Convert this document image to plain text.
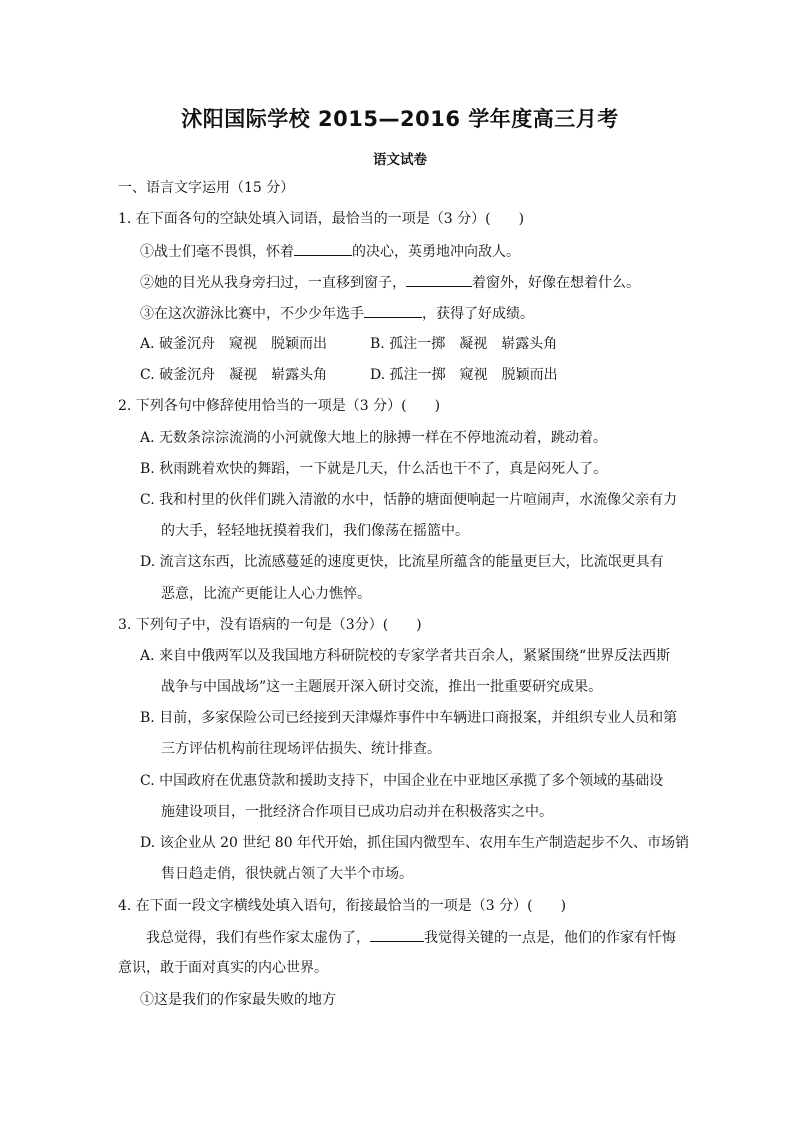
沭阳国际学校 2015—2016 学年度高三月考
语文试卷
一、语言文字运用（15 分）
1. 在下面各句的空缺处填入词语，最恰当的一项是（3 分）(　　)
①战士们毫不畏惧，怀着	的决心，英勇地冲向敌人。
②她的目光从我身旁扫过，一直移到窗子，	着窗外，好像在想着什么。
③在这次游泳比赛中，不少少年选手	，获得了好成绩。
A. 破釜沉舟　窥视　脱颖而出	B. 孤注一掷　凝视　崭露头角
C. 破釜沉舟　凝视　崭露头角	D. 孤注一掷　窥视　脱颖而出
2. 下列各句中修辞使用恰当的一项是（3 分）(　　)
A. 无数条淙淙流淌的小河就像大地上的脉搏一样在不停地流动着，跳动着。
B. 秋雨跳着欢快的舞蹈，一下就是几天，什么活也干不了，真是闷死人了。
C. 我和村里的伙伴们跳入清澈的水中，恬静的塘面便响起一片喧闹声，水流像父亲有力
的大手，轻轻地抚摸着我们，我们像荡在摇篮中。
D. 流言这东西，比流感蔓延的速度更快，比流星所蕴含的能量更巨大，比流氓更具有
恶意，比流产更能让人心力憔悴。
3. 下列句子中，没有语病的一句是（3分）(　　)
A. 来自中俄两军以及我国地方科研院校的专家学者共百余人，紧紧围绕“世界反法西斯
战争与中国战场”这一主题展开深入研讨交流，推出一批重要研究成果。
B. 目前，多家保险公司已经接到天津爆炸事件中车辆进口商报案，并组织专业人员和第
三方评估机构前往现场评估损失、统计排查。
C. 中国政府在优惠贷款和援助支持下，中国企业在中亚地区承揽了多个领域的基础设
施建设项目，一批经济合作项目已成功启动并在积极落实之中。
D. 该企业从 20 世纪 80 年代开始，抓住国内微型车、农用车生产制造起步不久、市场销
售日趋走俏，很快就占领了大半个市场。
4. 在下面一段文字横线处填入语句，衔接最恰当的一项是（3 分）(　　)
我总觉得，我们有些作家太虚伪了，	我觉得关键的一点是，他们的作家有忏悔
意识，敢于面对真实的内心世界。
①这是我们的作家最失败的地方
